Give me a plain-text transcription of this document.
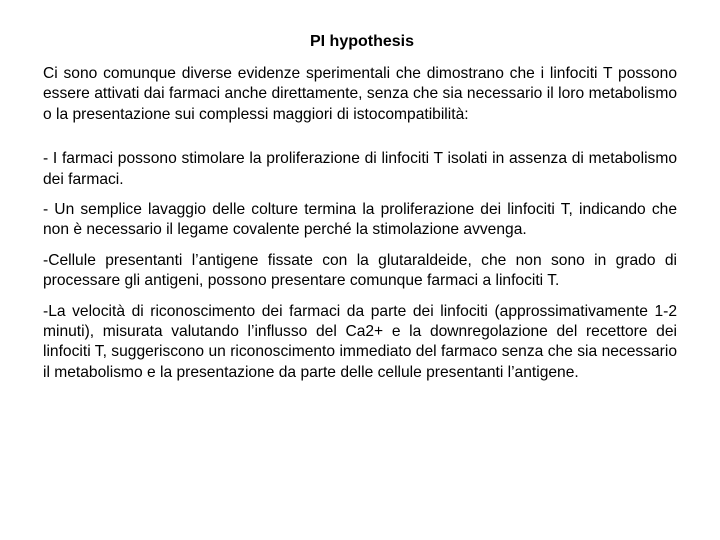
PI hypothesis

Ci sono comunque diverse evidenze sperimentali che dimostrano che i linfociti T possono essere attivati dai farmaci anche direttamente, senza che sia necessario il loro metabolismo o la presentazione sui complessi maggiori di istocompatibilità:

- I farmaci possono stimolare la proliferazione di linfociti T isolati in assenza di metabolismo dei farmaci.

- Un semplice lavaggio delle colture termina la proliferazione dei linfociti T, indicando che non è necessario il legame covalente perché la stimolazione avvenga.

-Cellule presentanti l’antigene fissate con la glutaraldeide, che non sono in grado di processare gli antigeni, possono presentare comunque farmaci a linfociti T.

-La velocità di riconoscimento dei farmaci da parte dei linfociti (approssimativamente 1-2 minuti), misurata valutando l’influsso del Ca2+ e la downregolazione del recettore dei linfociti T, suggeriscono un riconoscimento immediato del farmaco senza che sia necessario il metabolismo e la presentazione da parte delle cellule presentanti l’antigene.
